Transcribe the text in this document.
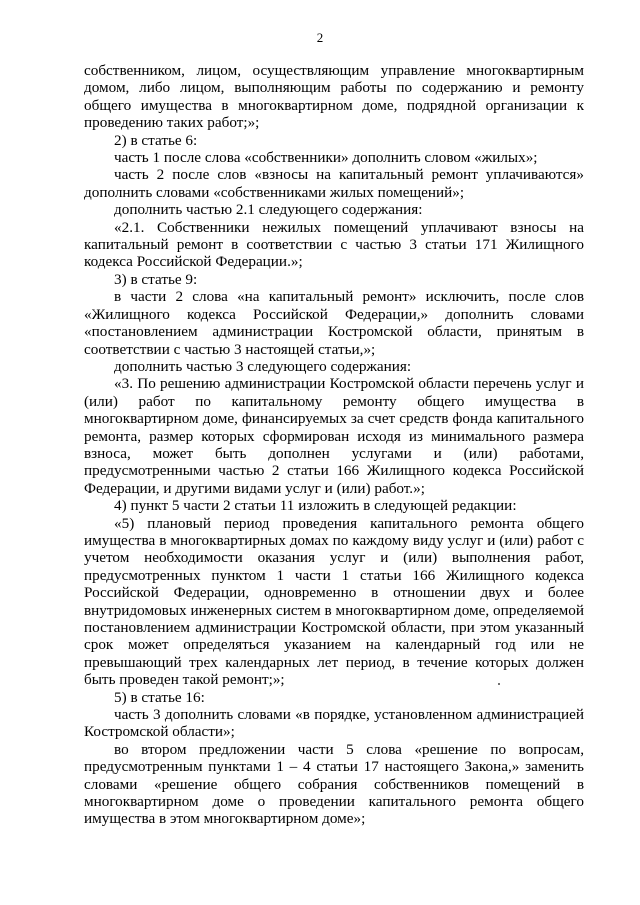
2

собственником, лицом, осуществляющим управление многоквартирным домом, либо лицом, выполняющим работы по содержанию и ремонту общего имущества в многоквартирном доме, подрядной организации к проведению таких работ;»;

2) в статье 6:

часть 1 после слова «собственники» дополнить словом «жилых»;

часть 2 после слов «взносы на капитальный ремонт уплачиваются» дополнить словами «собственниками жилых помещений»;

дополнить частью 2.1 следующего содержания:

«2.1. Собственники нежилых помещений уплачивают взносы на капитальный ремонт в соответствии с частью 3 статьи 171 Жилищного кодекса Российской Федерации.»;

3) в статье 9:

в части 2 слова «на капитальный ремонт» исключить, после слов «Жилищного кодекса Российской Федерации,» дополнить словами «постановлением администрации Костромской области, принятым в соответствии с частью 3 настоящей статьи,»;

дополнить частью 3 следующего содержания:

«3. По решению администрации Костромской области перечень услуг и (или) работ по капитальному ремонту общего имущества в многоквартирном доме, финансируемых за счет средств фонда капитального ремонта, размер которых сформирован исходя из минимального размера взноса, может быть дополнен услугами и (или) работами, предусмотренными частью 2 статьи 166 Жилищного кодекса Российской Федерации, и другими видами услуг и (или) работ.»;

4) пункт 5 части 2 статьи 11 изложить в следующей редакции:

«5) плановый период проведения капитального ремонта общего имущества в многоквартирных домах по каждому виду услуг и (или) работ с учетом необходимости оказания услуг и (или) выполнения работ, предусмотренных пунктом 1 части 1 статьи 166 Жилищного кодекса Российской Федерации, одновременно в отношении двух и более внутридомовых инженерных систем в многоквартирном доме, определяемой постановлением администрации Костромской области, при этом указанный срок может определяться указанием на календарный год или не превышающий трех календарных лет период, в течение которых должен быть проведен такой ремонт;»;

5) в статье 16:

часть 3 дополнить словами «в порядке, установленном администрацией Костромской области»;

во втором предложении части 5 слова «решение по вопросам, предусмотренным пунктами 1 – 4 статьи 17 настоящего Закона,» заменить словами «решение общего собрания собственников помещений в многоквартирном доме о проведении капитального ремонта общего имущества в этом многоквартирном доме»;
